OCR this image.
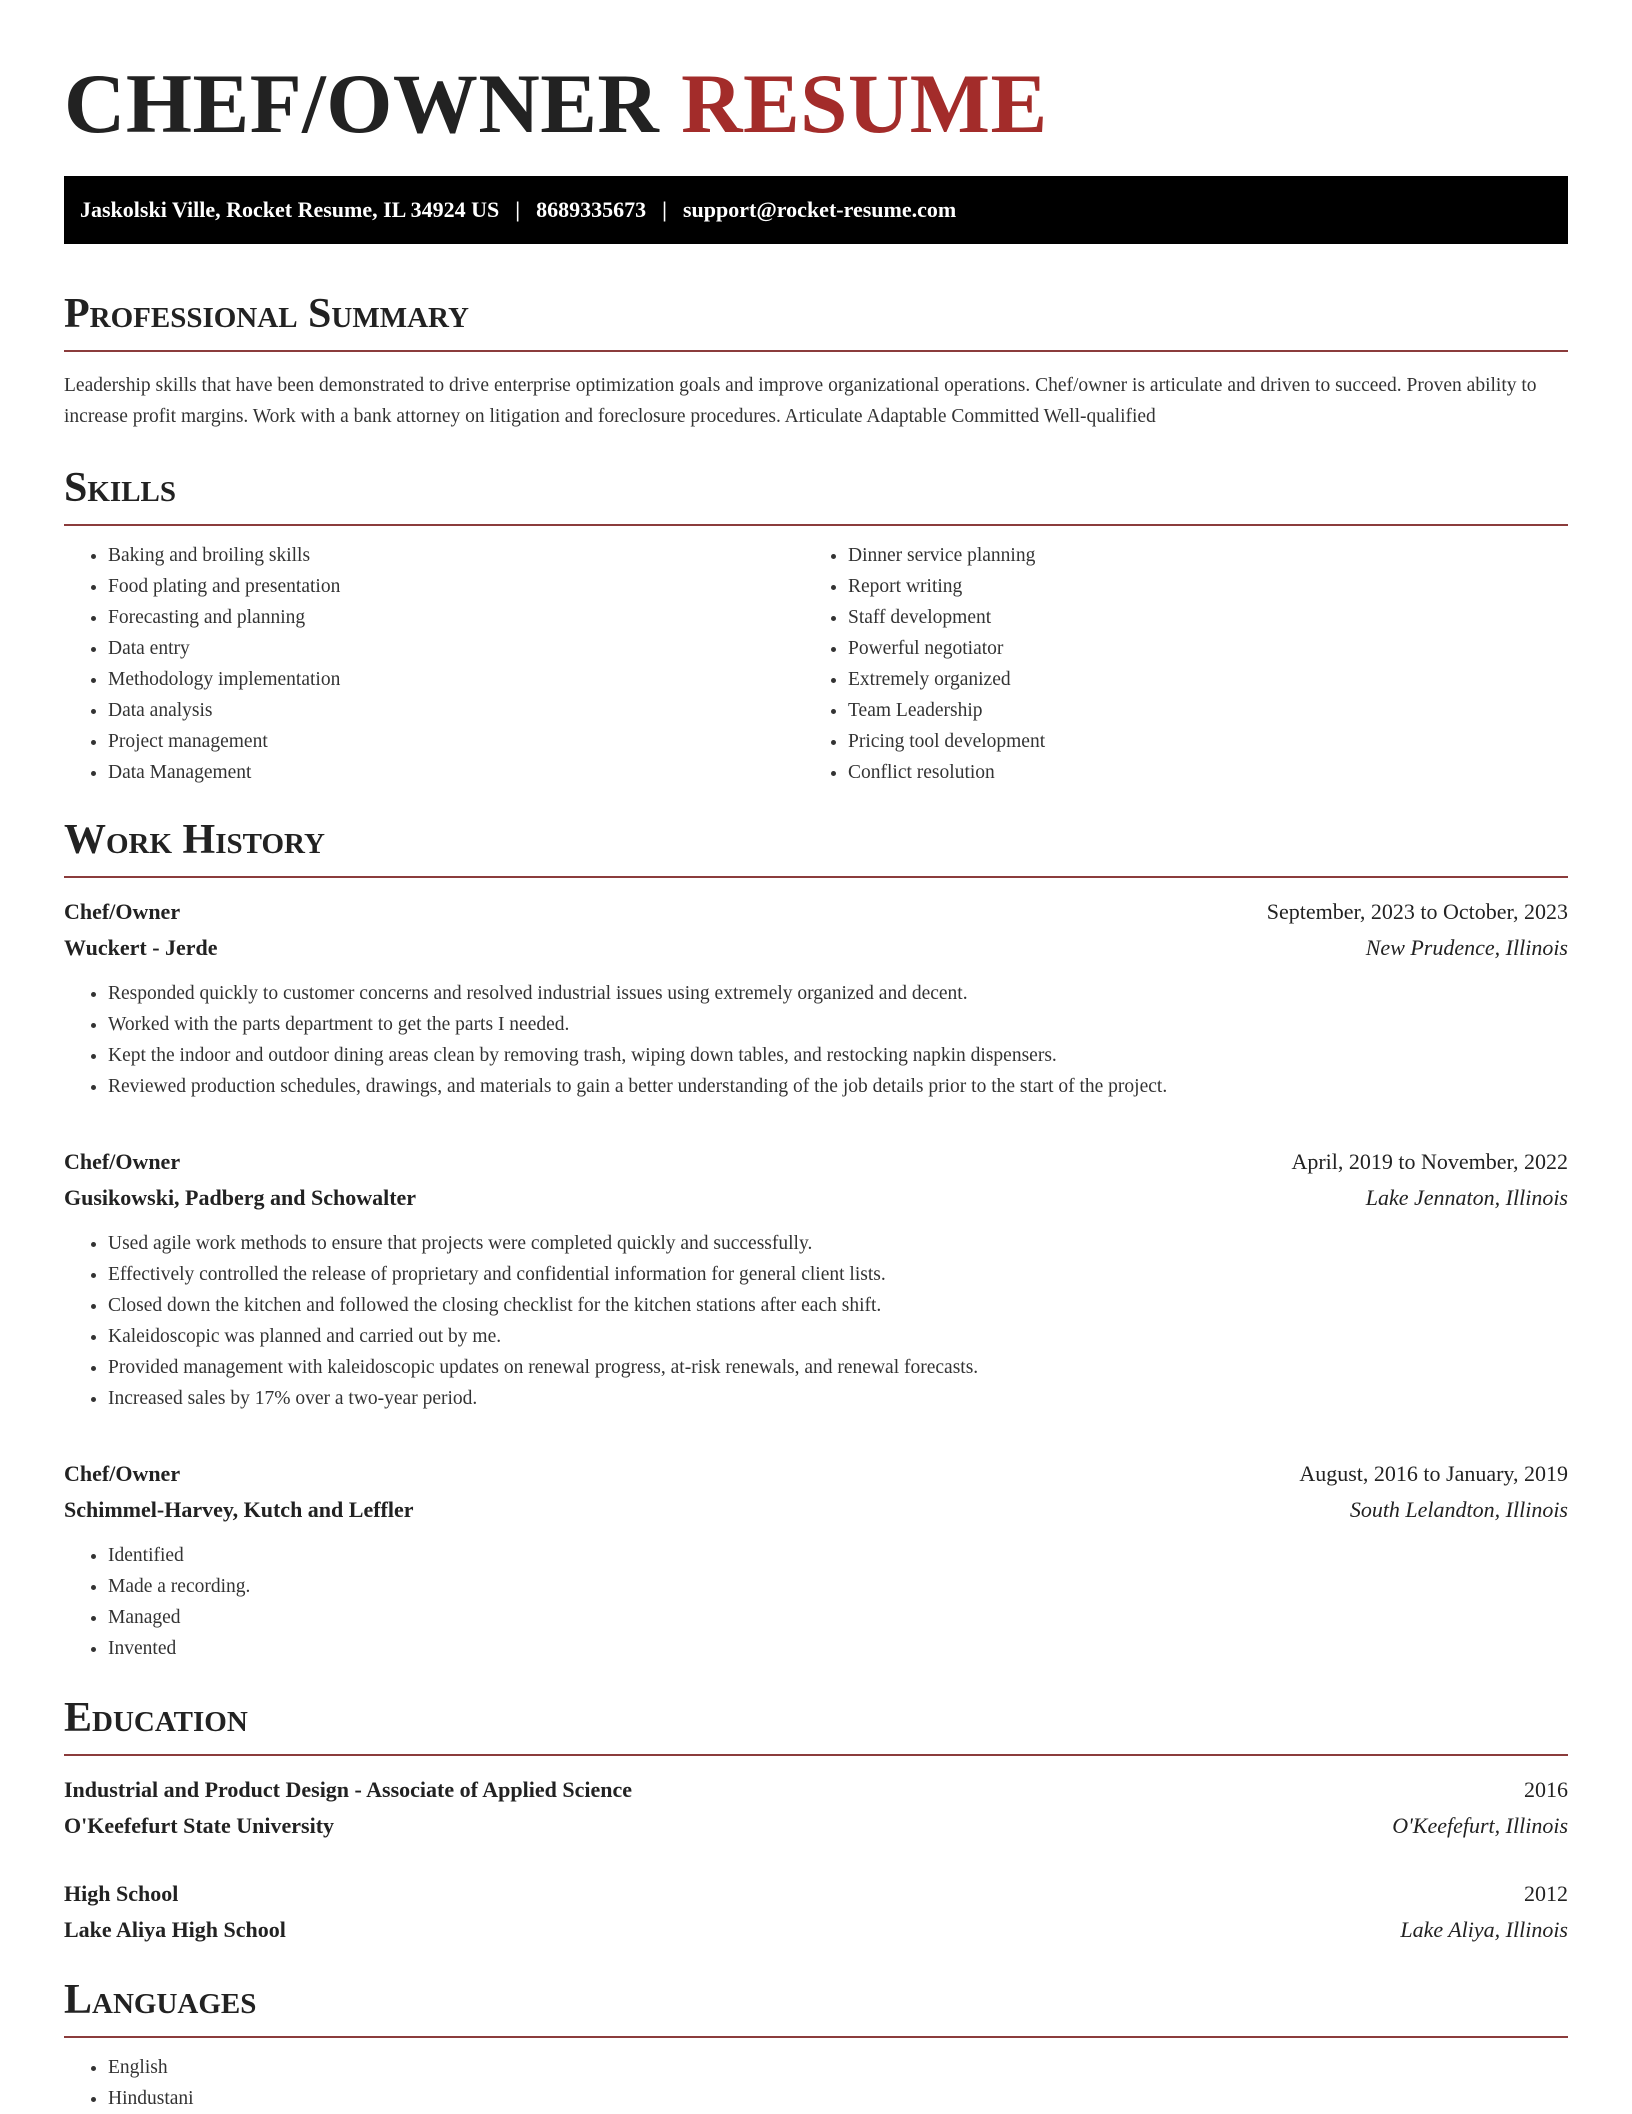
CHEF/OWNER RESUME
Jaskolski Ville, Rocket Resume, IL 34924 US | 8689335673 | support@rocket-resume.com
Professional Summary

Leadership skills that have been demonstrated to drive enterprise optimization goals and improve organizational operations. Chef/owner is articulate and driven to succeed. Proven ability to increase profit margins. Work with a bank attorney on litigation and foreclosure procedures. Articulate Adaptable Committed Well-qualified

Skills
• Baking and broiling skills
• Food plating and presentation
• Forecasting and planning
• Data entry
• Methodology implementation
• Data analysis
• Project management
• Data Management
• Dinner service planning
• Report writing
• Staff development
• Powerful negotiator
• Extremely organized
• Team Leadership
• Pricing tool development
• Conflict resolution
Work History
Chef/Owner	September, 2023 to October, 2023
Wuckert - Jerde	New Prudence, Illinois
• Responded quickly to customer concerns and resolved industrial issues using extremely organized and decent.
• Worked with the parts department to get the parts I needed.
• Kept the indoor and outdoor dining areas clean by removing trash, wiping down tables, and restocking napkin dispensers.
• Reviewed production schedules, drawings, and materials to gain a better understanding of the job details prior to the start of the project.
Chef/Owner	April, 2019 to November, 2022
Gusikowski, Padberg and Schowalter	Lake Jennaton, Illinois
• Used agile work methods to ensure that projects were completed quickly and successfully.
• Effectively controlled the release of proprietary and confidential information for general client lists.
• Closed down the kitchen and followed the closing checklist for the kitchen stations after each shift.
• Kaleidoscopic was planned and carried out by me.
• Provided management with kaleidoscopic updates on renewal progress, at-risk renewals, and renewal forecasts.
• Increased sales by 17% over a two-year period.
Chef/Owner	August, 2016 to January, 2019
Schimmel-Harvey, Kutch and Leffler	South Lelandton, Illinois
• Identified
• Made a recording.
• Managed
• Invented
Education
Industrial and Product Design - Associate of Applied Science	2016
O'Keefefurt State University	O'Keefefurt, Illinois
High School	2012
Lake Aliya High School	Lake Aliya, Illinois
Languages
• English
• Hindustani
